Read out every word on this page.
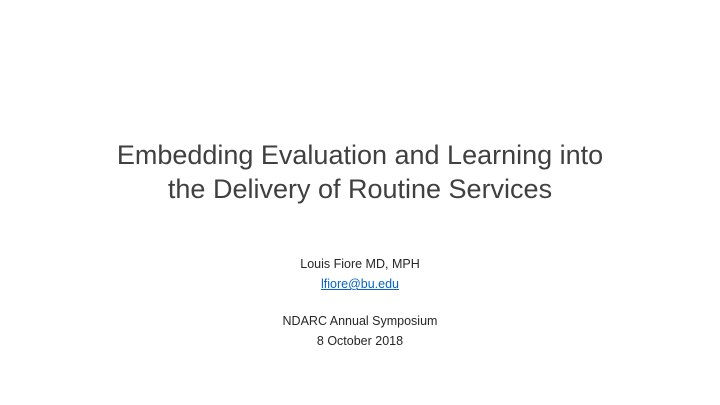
Embedding Evaluation and Learning into
the Delivery of Routine Services
Louis Fiore MD, MPH
lfiore@bu.edu
NDARC Annual Symposium
8 October 2018
